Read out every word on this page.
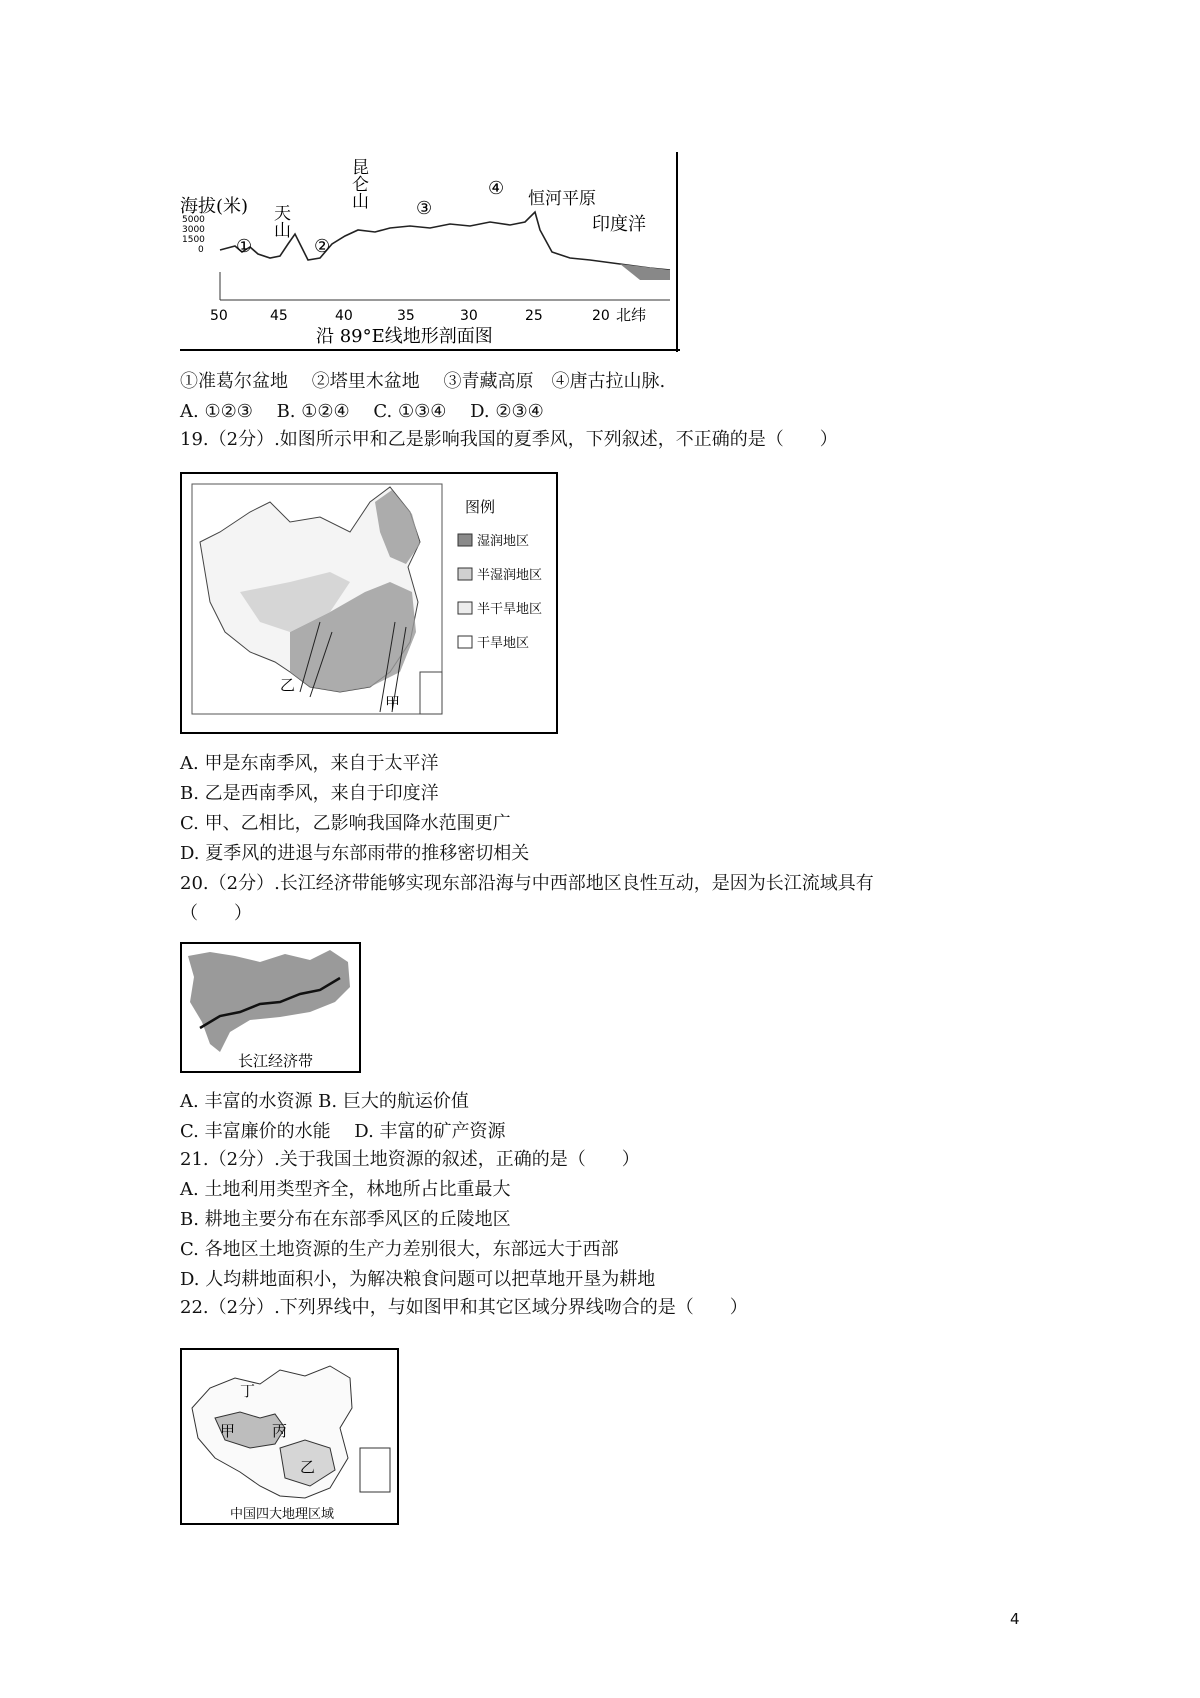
海拔(米)
5000
3000
1500
0
50	45	40	35	30	25	20 北纬
天山
昆仑山	恒河平原
印度洋
①	②
③
④
沿 89°E线地形剖面图
①准葛尔盆地　 ②塔里木盆地　 ③青藏高原　④唐古拉山脉.
A. ①②③　 B. ①②④　 C. ①③④　 D. ②③④
19.（2分）.如图所示甲和乙是影响我国的夏季风，下列叙述，不正确的是（　　）
甲
乙
图例
湿润地区
半湿润地区
半干旱地区
干旱地区
A. 甲是东南季风，来自于太平洋
B. 乙是西南季风，来自于印度洋
C. 甲、乙相比，乙影响我国降水范围更广
D. 夏季风的进退与东部雨带的推移密切相关
20.（2分）.长江经济带能够实现东部沿海与中西部地区良性互动，是因为长江流域具有
（　　）
长江经济带
A. 丰富的水资源 B. 巨大的航运价值
C. 丰富廉价的水能　 D. 丰富的矿产资源
21.（2分）.关于我国土地资源的叙述，正确的是（　　）
A. 土地利用类型齐全，林地所占比重最大
B. 耕地主要分布在东部季风区的丘陵地区
C. 各地区土地资源的生产力差别很大，东部远大于西部
D. 人均耕地面积小，为解决粮食问题可以把草地开垦为耕地
22.（2分）.下列界线中，与如图甲和其它区域分界线吻合的是（　　）
丁
甲 丙
乙
中国四大地理区域
4
